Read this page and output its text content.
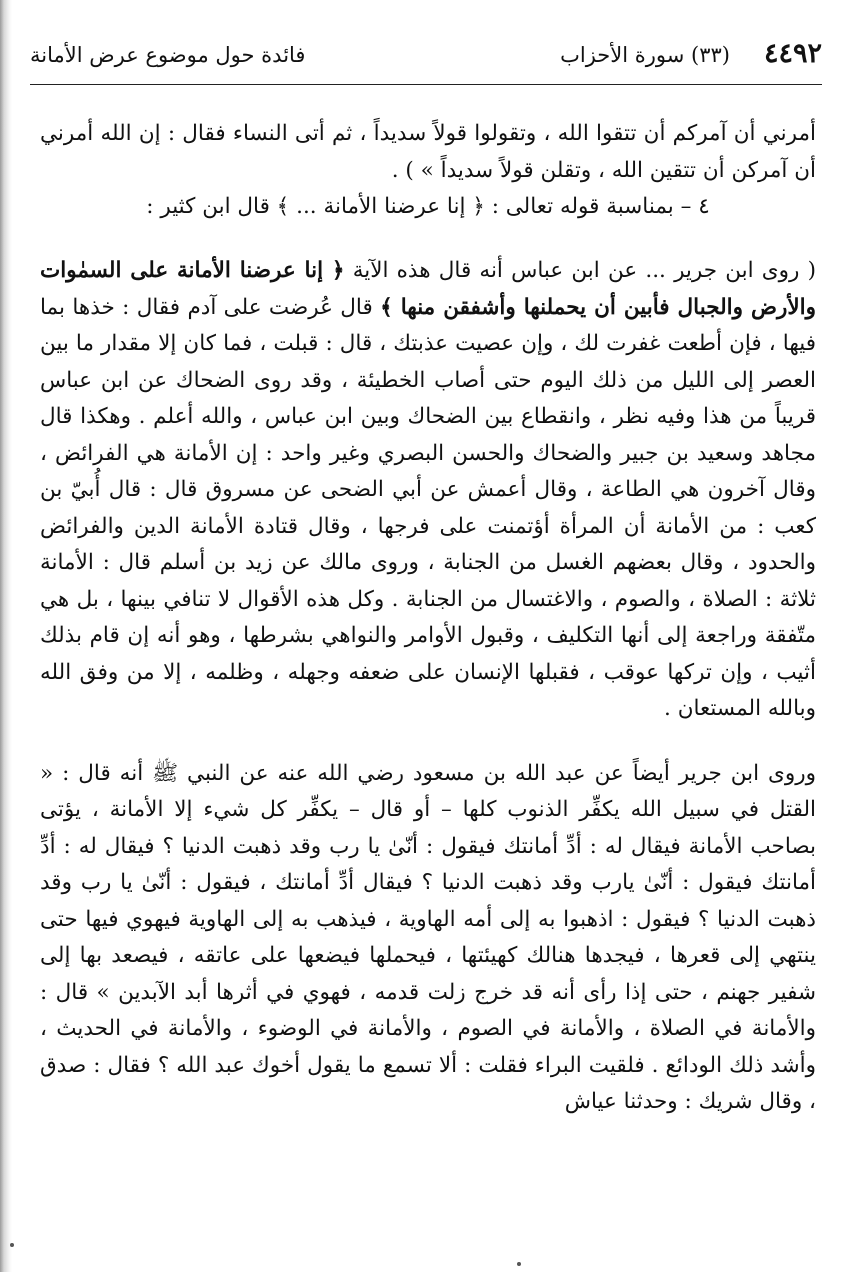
٤٤٩٢
(٣٣) سورة الأحزاب
فائدة حول موضوع عرض الأمانة

أمرني أن آمركم أن تتقوا الله ، وتقولوا قولاً سديداً ، ثم أتى النساء فقال : إن الله أمرني أن آمركن أن تتقين الله ، وتقلن قولاً سديداً » ) .

٤ – بمناسبة قوله تعالى : ﴿ إنا عرضنا الأمانة ... ﴾ قال ابن كثير :

( روى ابن جرير ... عن ابن عباس أنه قال هذه الآية ﴿ إنا عرضنا الأمانة على السمٰوات والأرض والجبال فأبين أن يحملنها وأشفقن منها ﴾ قال عُرضت على آدم فقال : خذها بما فيها ، فإن أطعت غفرت لك ، وإن عصيت عذبتك ، قال : قبلت ، فما كان إلا مقدار ما بين العصر إلى الليل من ذلك اليوم حتى أصاب الخطيئة ، وقد روى الضحاك عن ابن عباس قريباً من هذا وفيه نظر ، وانقطاع بين الضحاك وبين ابن عباس ، والله أعلم . وهكذا قال مجاهد وسعيد بن جبير والضحاك والحسن البصري وغير واحد : إن الأمانة هي الفرائض ، وقال آخرون هي الطاعة ، وقال أعمش عن أبي الضحى عن مسروق قال : قال أُبيّ بن كعب : من الأمانة أن المرأة أؤتمنت على فرجها ، وقال قتادة الأمانة الدين والفرائض والحدود ، وقال بعضهم الغسل من الجنابة ، وروى مالك عن زيد بن أسلم قال : الأمانة ثلاثة : الصلاة ، والصوم ، والاغتسال من الجنابة . وكل هذه الأقوال لا تنافي بينها ، بل هي متّفقة وراجعة إلى أنها التكليف ، وقبول الأوامر والنواهي بشرطها ، وهو أنه إن قام بذلك أثيب ، وإن تركها عوقب ، فقبلها الإنسان على ضعفه وجهله ، وظلمه ، إلا من وفق الله وبالله المستعان .

وروى ابن جرير أيضاً عن عبد الله بن مسعود رضي الله عنه عن النبي ﷺ أنه قال : « القتل في سبيل الله يكفِّر الذنوب كلها – أو قال – يكفِّر كل شيء إلا الأمانة ، يؤتى بصاحب الأمانة فيقال له : أدِّ أمانتك فيقول : أنّىٰ يا رب وقد ذهبت الدنيا ؟ فيقال له : أدِّ أمانتك فيقول : أنّىٰ يارب وقد ذهبت الدنيا ؟ فيقال أدِّ أمانتك ، فيقول : أنّىٰ يا رب وقد ذهبت الدنيا ؟ فيقول : اذهبوا به إلى أمه الهاوية ، فيذهب به إلى الهاوية فيهوي فيها حتى ينتهي إلى قعرها ، فيجدها هنالك كهيئتها ، فيحملها فيضعها على عاتقه ، فيصعد بها إلى شفير جهنم ، حتى إذا رأى أنه قد خرج زلت قدمه ، فهوي في أثرها أبد الآبدين » قال : والأمانة في الصلاة ، والأمانة في الصوم ، والأمانة في الوضوء ، والأمانة في الحديث ، وأشد ذلك الودائع . فلقيت البراء فقلت : ألا تسمع ما يقول أخوك عبد الله ؟ فقال : صدق ، وقال شريك : وحدثنا عياش
